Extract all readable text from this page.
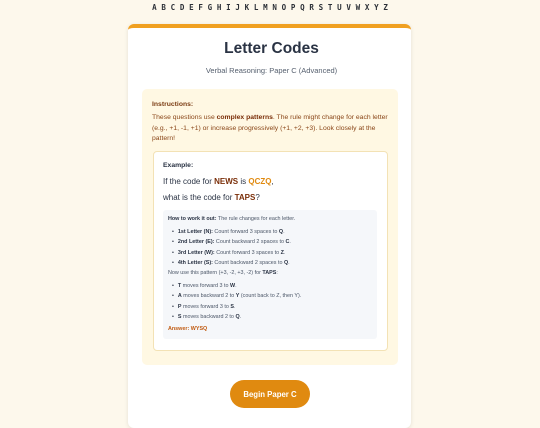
A B C D E F G H I J K L M N O P Q R S T U V W X Y Z
Letter Codes
Verbal Reasoning: Paper C (Advanced)
Instructions:
These questions use complex patterns. The rule might change for each letter (e.g., +1, -1, +1) or increase progressively (+1, +2, +3). Look closely at the pattern!
Example:
If the code for NEWS is QCZQ,
what is the code for TAPS?
How to work it out: The rule changes for each letter.
• 1st Letter (N): Count forward 3 spaces to Q.
• 2nd Letter (E): Count backward 2 spaces to C.
• 3rd Letter (W): Count forward 3 spaces to Z.
• 4th Letter (S): Count backward 2 spaces to Q.
Now use this pattern (+3, -2, +3, -2) for TAPS:
• T moves forward 3 to W.
• A moves backward 2 to Y (count back to Z, then Y).
• P moves forward 3 to S.
• S moves backward 2 to Q.
Answer: WYSQ
Begin Paper C
